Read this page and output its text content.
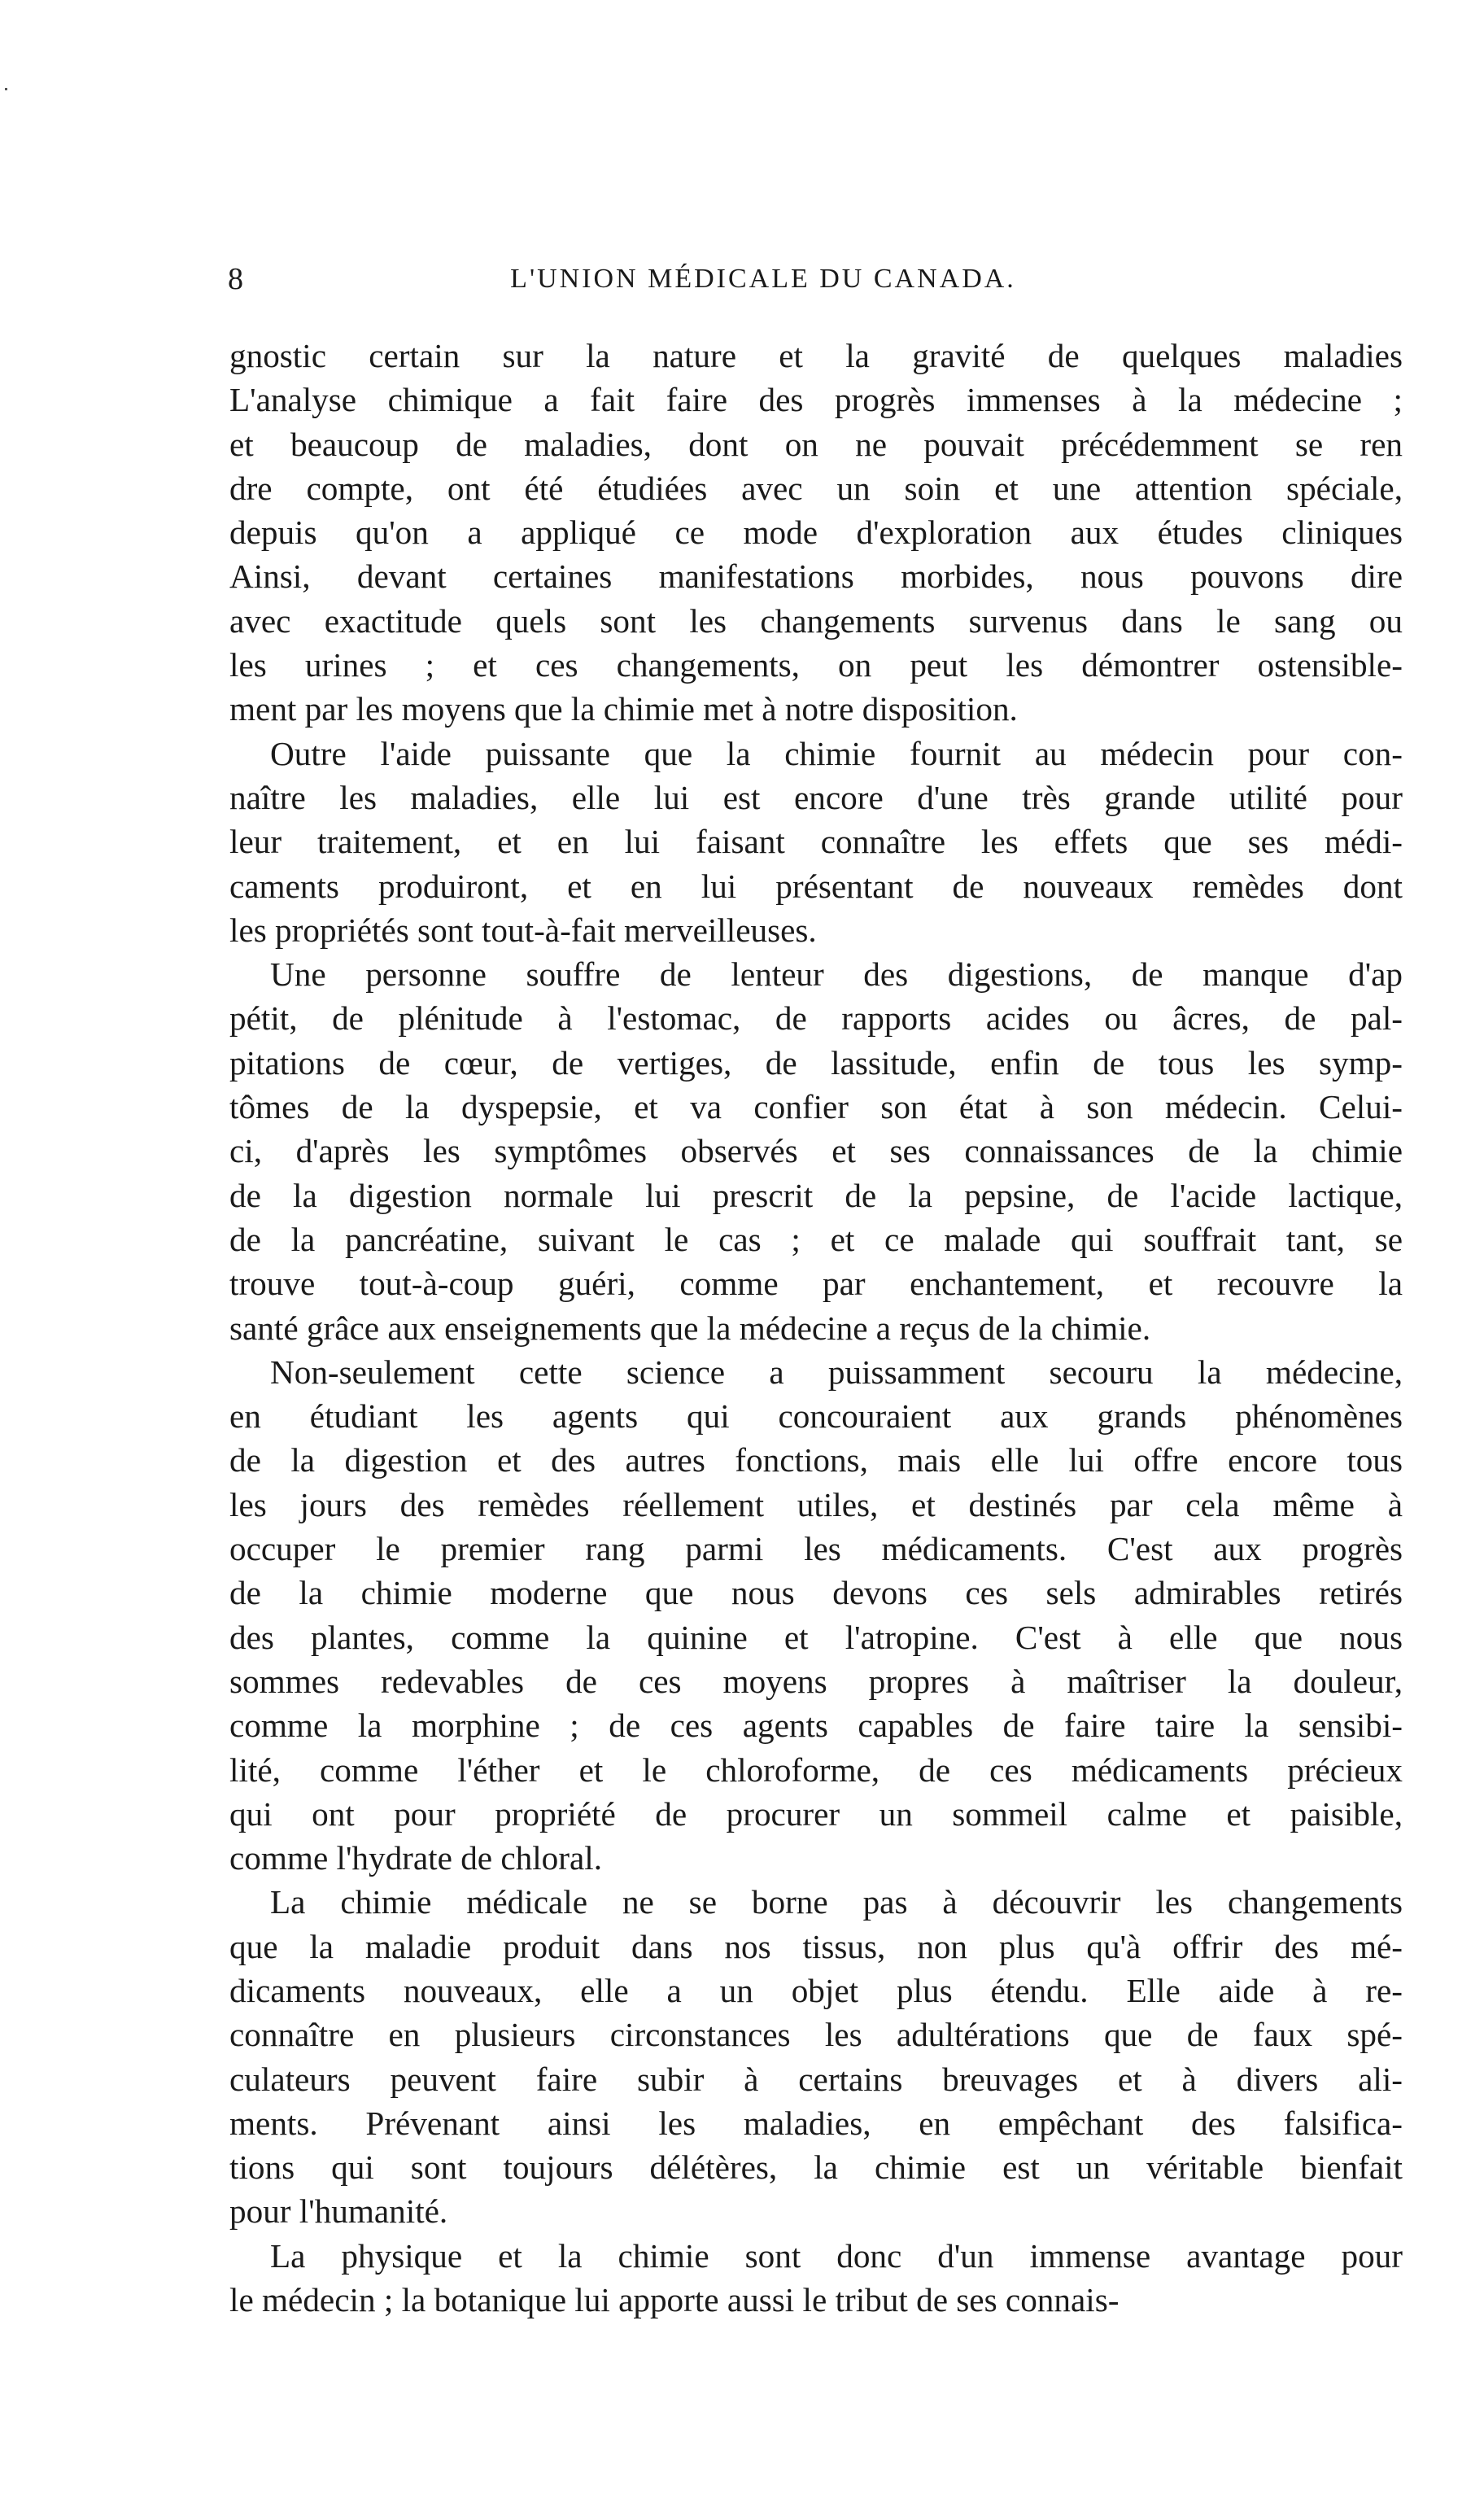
8	L'UNION MÉDICALE DU CANADA.

gnostic certain sur la nature et la gravité de quelques maladies
L'analyse chimique a fait faire des progrès immenses à la médecine ;
et beaucoup de maladies, dont on ne pouvait précédemment se ren
dre compte, ont été étudiées avec un soin et une attention spéciale,
depuis qu'on a appliqué ce mode d'exploration aux études cliniques
Ainsi, devant certaines manifestations morbides, nous pouvons dire
avec exactitude quels sont les changements survenus dans le sang ou
les urines ; et ces changements, on peut les démontrer ostensible-
ment par les moyens que la chimie met à notre disposition.

Outre l'aide puissante que la chimie fournit au médecin pour con-
naître les maladies, elle lui est encore d'une très grande utilité pour
leur traitement, et en lui faisant connaître les effets que ses médi-
caments produiront, et en lui présentant de nouveaux remèdes dont
les propriétés sont tout-à-fait merveilleuses.

Une personne souffre de lenteur des digestions, de manque d'ap
pétit, de plénitude à l'estomac, de rapports acides ou âcres, de pal-
pitations de cœur, de vertiges, de lassitude, enfin de tous les symp-
tômes de la dyspepsie, et va confier son état à son médecin. Celui-
ci, d'après les symptômes observés et ses connaissances de la chimie
de la digestion normale lui prescrit de la pepsine, de l'acide lactique,
de la pancréatine, suivant le cas ; et ce malade qui souffrait tant, se
trouve tout-à-coup guéri, comme par enchantement, et recouvre la
santé grâce aux enseignements que la médecine a reçus de la chimie.

Non-seulement cette science a puissamment secouru la médecine,
en étudiant les agents qui concouraient aux grands phénomènes
de la digestion et des autres fonctions, mais elle lui offre encore tous
les jours des remèdes réellement utiles, et destinés par cela même à
occuper le premier rang parmi les médicaments. C'est aux progrès
de la chimie moderne que nous devons ces sels admirables retirés
des plantes, comme la quinine et l'atropine. C'est à elle que nous
sommes redevables de ces moyens propres à maîtriser la douleur,
comme la morphine ; de ces agents capables de faire taire la sensibi-
lité, comme l'éther et le chloroforme, de ces médicaments précieux
qui ont pour propriété de procurer un sommeil calme et paisible,
comme l'hydrate de chloral.

La chimie médicale ne se borne pas à découvrir les changements
que la maladie produit dans nos tissus, non plus qu'à offrir des mé-
dicaments nouveaux, elle a un objet plus étendu. Elle aide à re-
connaître en plusieurs circonstances les adultérations que de faux spé-
culateurs peuvent faire subir à certains breuvages et à divers ali-
ments. Prévenant ainsi les maladies, en empêchant des falsifica-
tions qui sont toujours délétères, la chimie est un véritable bienfait
pour l'humanité.

La physique et la chimie sont donc d'un immense avantage pour
le médecin ; la botanique lui apporte aussi le tribut de ses connais-
